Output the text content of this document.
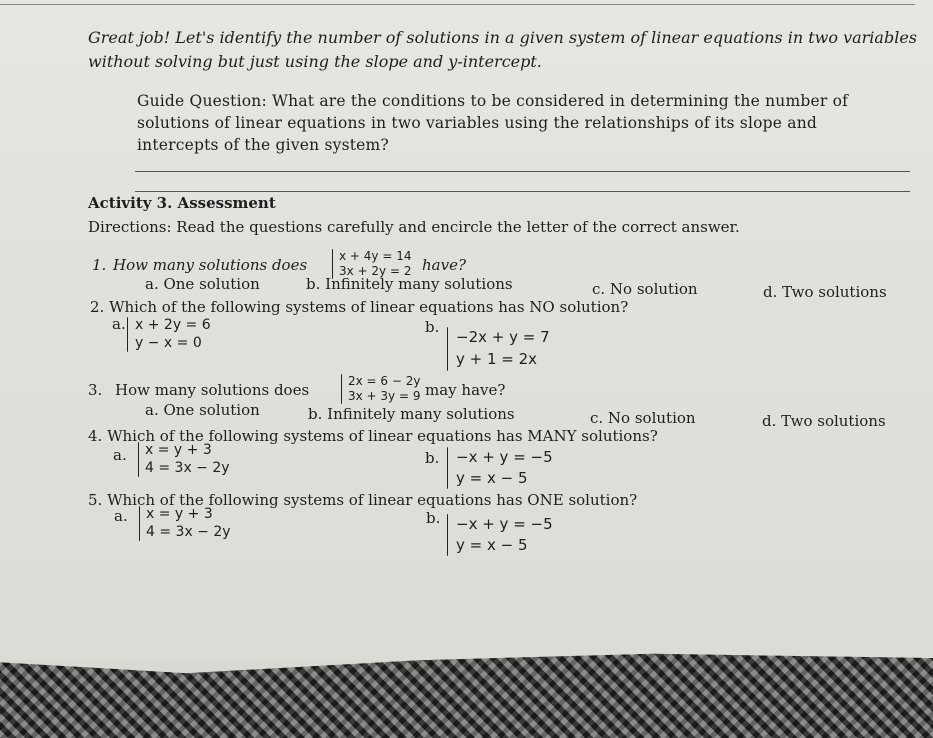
Great job! Let's identify the number of solutions in a given system of linear equations in two variables
without solving but just using the slope and y-intercept.
Guide Question: What are the conditions to be considered in determining the number of
solutions of linear equations in two variables using the relationships of its slope and
intercepts of the given system?
Activity 3. Assessment
Directions: Read the questions carefully and encircle the letter of the correct answer.
1. How many solutions does	x + 4y = 14
3x + 2y = 2 have?
a. One solution	b. Infinitely many solutions	c. No solution	d. Two solutions
2. Which of the following systems of linear equations has NO solution?
a. x + 2y = 6
y − x = 0
b.
−2x + y = 7
y + 1 = 2x
3. How many solutions does	2x = 6 − 2y
3x + 3y = 9 may have?
a. One solution	b. Infinitely many solutions	c. No solution	d. Two solutions
4. Which of the following systems of linear equations has MANY solutions?
a. x = y + 3
4 = 3x − 2y
b. −x + y = −5
y = x − 5
5. Which of the following systems of linear equations has ONE solution?
a. x = y + 3
4 = 3x − 2y
b. −x + y = −5
y = x − 5
